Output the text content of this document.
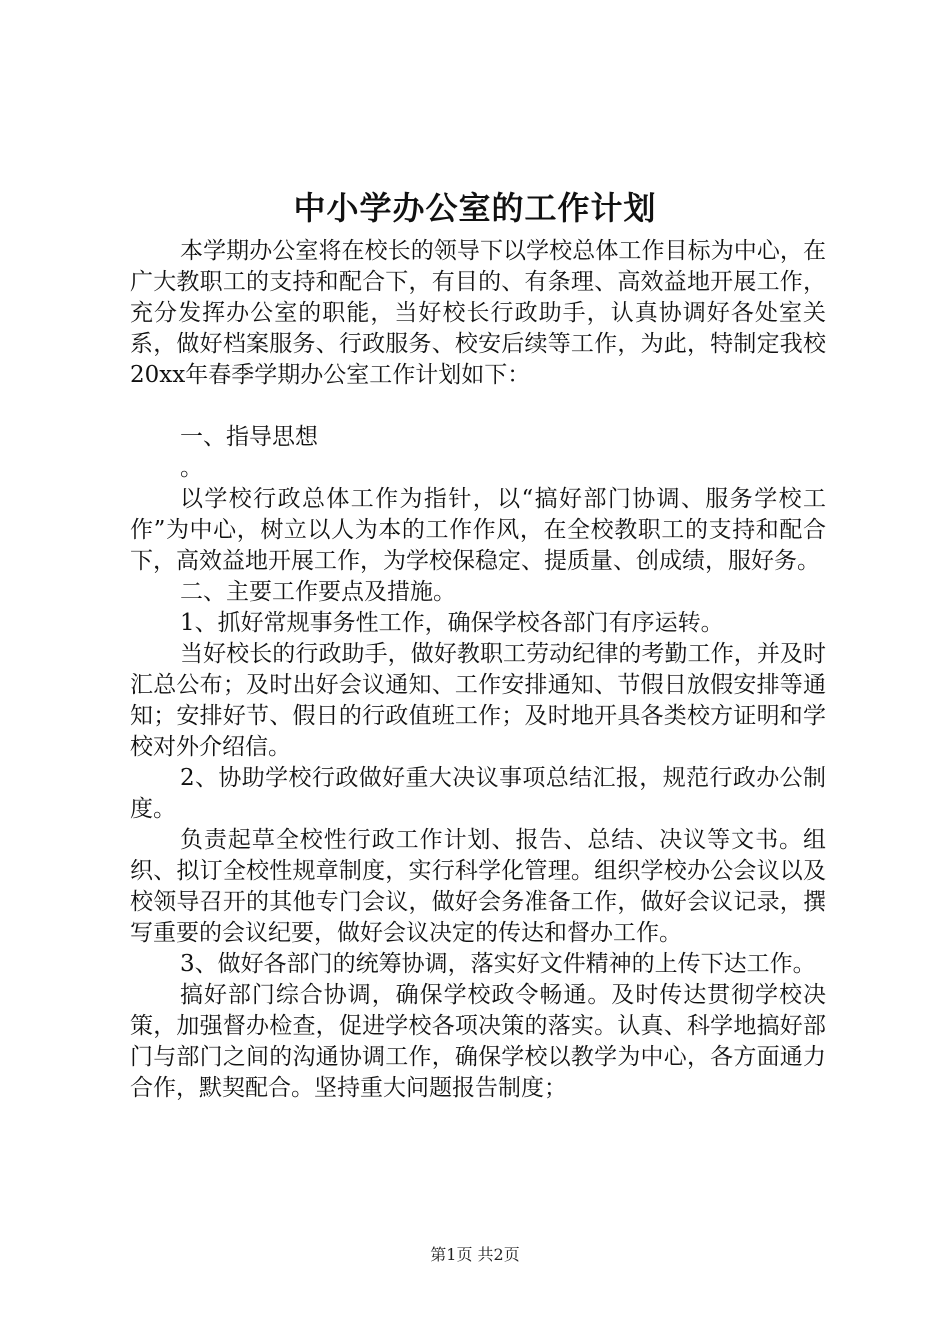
中小学办公室的工作计划

本学期办公室将在校长的领导下以学校总体工作目标为中心，在广大教职工的支持和配合下，有目的、有条理、高效益地开展工作，充分发挥办公室的职能，当好校长行政助手，认真协调好各处室关系，做好档案服务、行政服务、校安后续等工作，为此，特制定我校20xx年春季学期办公室工作计划如下：

一、指导思想

。

以学校行政总体工作为指针，以“搞好部门协调、服务学校工作”为中心，树立以人为本的工作作风，在全校教职工的支持和配合下，高效益地开展工作，为学校保稳定、提质量、创成绩，服好务。

二、主要工作要点及措施。

1、抓好常规事务性工作，确保学校各部门有序运转。

当好校长的行政助手，做好教职工劳动纪律的考勤工作，并及时汇总公布；及时出好会议通知、工作安排通知、节假日放假安排等通知；安排好节、假日的行政值班工作；及时地开具各类校方证明和学校对外介绍信。

2、协助学校行政做好重大决议事项总结汇报，规范行政办公制度。

负责起草全校性行政工作计划、报告、总结、决议等文书。组织、拟订全校性规章制度，实行科学化管理。组织学校办公会议以及校领导召开的其他专门会议，做好会务准备工作，做好会议记录，撰写重要的会议纪要，做好会议决定的传达和督办工作。

3、做好各部门的统筹协调，落实好文件精神的上传下达工作。

搞好部门综合协调，确保学校政令畅通。及时传达贯彻学校决策，加强督办检查，促进学校各项决策的落实。认真、科学地搞好部门与部门之间的沟通协调工作，确保学校以教学为中心，各方面通力合作，默契配合。坚持重大问题报告制度；

第1页 共2页
